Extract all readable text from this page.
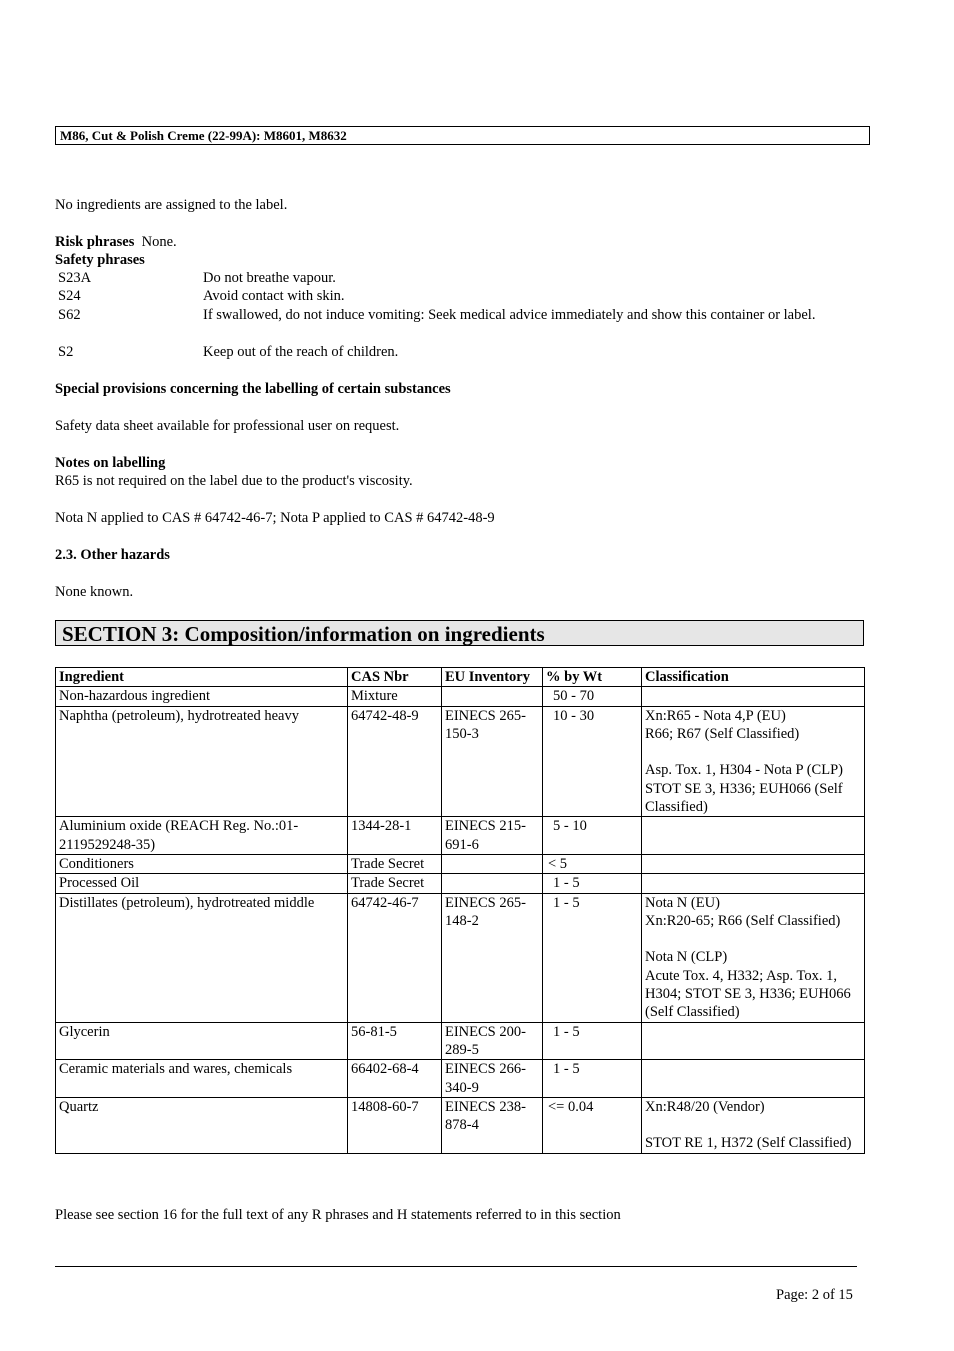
M86, Cut & Polish Creme (22-99A): M8601, M8632
No ingredients are assigned to the label.
Risk phrases None.
Safety phrases
S23A	Do not breathe vapour.
S24	Avoid contact with skin.
S62	If swallowed, do not induce vomiting: Seek medical advice immediately and show this container or label.
S2	Keep out of the reach of children.
Special provisions concerning the labelling of certain substances
Safety data sheet available for professional user on request.
Notes on labelling
R65 is not required on the label due to the product's viscosity.
Nota N applied to CAS # 64742-46-7; Nota P applied to CAS # 64742-48-9
2.3. Other hazards
None known.
SECTION 3: Composition/information on ingredients
Ingredient	CAS Nbr	EU Inventory	% by Wt	Classification
Non-hazardous ingredient	Mixture		50 - 70	
Naphtha (petroleum), hydrotreated heavy	64742-48-9	EINECS 265-150-3	10 - 30	Xn:R65 - Nota 4,P (EU)
R66; R67 (Self Classified)
Asp. Tox. 1, H304 - Nota P (CLP)
STOT SE 3, H336; EUH066 (Self Classified)

Aluminium oxide (REACH Reg. No.:01-2119529248-35)	1344-28-1	EINECS 215-691-6	5 - 10	
Conditioners	Trade Secret		< 5	
Processed Oil	Trade Secret		1 - 5	
Distillates (petroleum), hydrotreated middle	64742-46-7	EINECS 265-148-2	1 - 5	Nota N (EU)
Xn:R20-65; R66 (Self Classified)
Nota N (CLP)
Acute Tox. 4, H332; Asp. Tox. 1, H304; STOT SE 3, H336; EUH066 (Self Classified)

Glycerin	56-81-5	EINECS 200-289-5	1 - 5	
Ceramic materials and wares, chemicals	66402-68-4	EINECS 266-340-9	1 - 5	
Quartz	14808-60-7	EINECS 238-878-4	<= 0.04	Xn:R48/20 (Vendor)
STOT RE 1, H372 (Self Classified)
Please see section 16 for the full text of any R phrases and H statements referred to in this section
Page: 2 of 15
